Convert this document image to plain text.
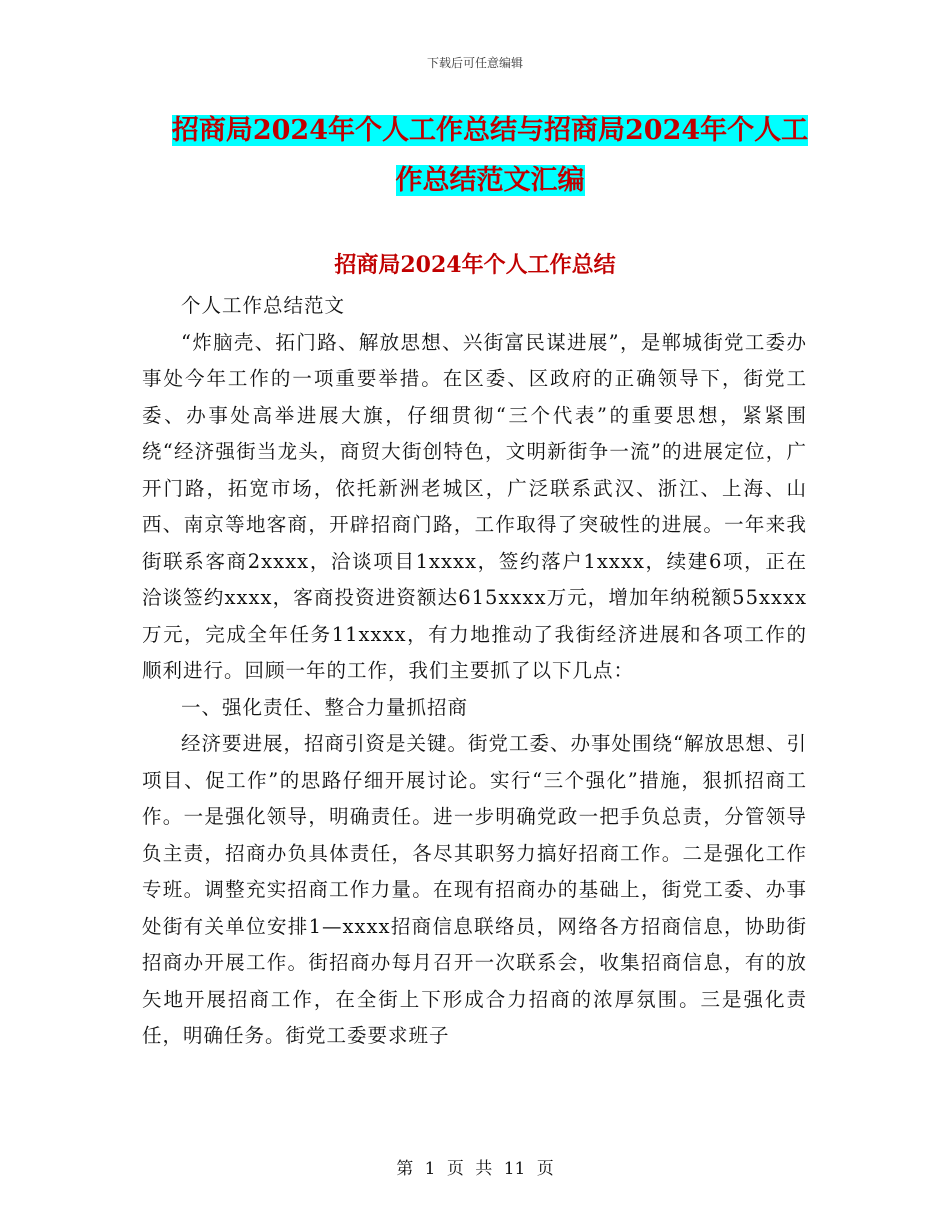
下载后可任意编辑
招商局2024年个人工作总结与招商局2024年个人工
作总结范文汇编
招商局2024年个人工作总结

个人工作总结范文

“炸脑壳、拓门路、解放思想、兴街富民谋进展”，是郸城街党工委办事处今年工作的一项重要举措。在区委、区政府的正确领导下，街党工委、办事处高举进展大旗，仔细贯彻“三个代表”的重要思想，紧紧围绕“经济强街当龙头，商贸大街创特色，文明新街争一流”的进展定位，广开门路，拓宽市场，依托新洲老城区，广泛联系武汉、浙江、上海、山西、南京等地客商，开辟招商门路，工作取得了突破性的进展。一年来我街联系客商2xxxx，洽谈项目1xxxx，签约落户1xxxx，续建6项，正在洽谈签约xxxx，客商投资进资额达615xxxx万元，增加年纳税额55xxxx万元，完成全年任务11xxxx，有力地推动了我街经济进展和各项工作的顺利进行。回顾一年的工作，我们主要抓了以下几点：

一、强化责任、整合力量抓招商

经济要进展，招商引资是关键。街党工委、办事处围绕“解放思想、引项目、促工作”的思路仔细开展讨论。实行“三个强化”措施，狠抓招商工作。一是强化领导，明确责任。进一步明确党政一把手负总责，分管领导负主责，招商办负具体责任，各尽其职努力搞好招商工作。二是强化工作专班。调整充实招商工作力量。在现有招商办的基础上，街党工委、办事处街有关单位安排1—xxxx招商信息联络员，网络各方招商信息，协助街招商办开展工作。街招商办每月召开一次联系会，收集招商信息，有的放矢地开展招商工作，在全街上下形成合力招商的浓厚氛围。三是强化责任，明确任务。街党工委要求班子

第 1 页 共 11 页
